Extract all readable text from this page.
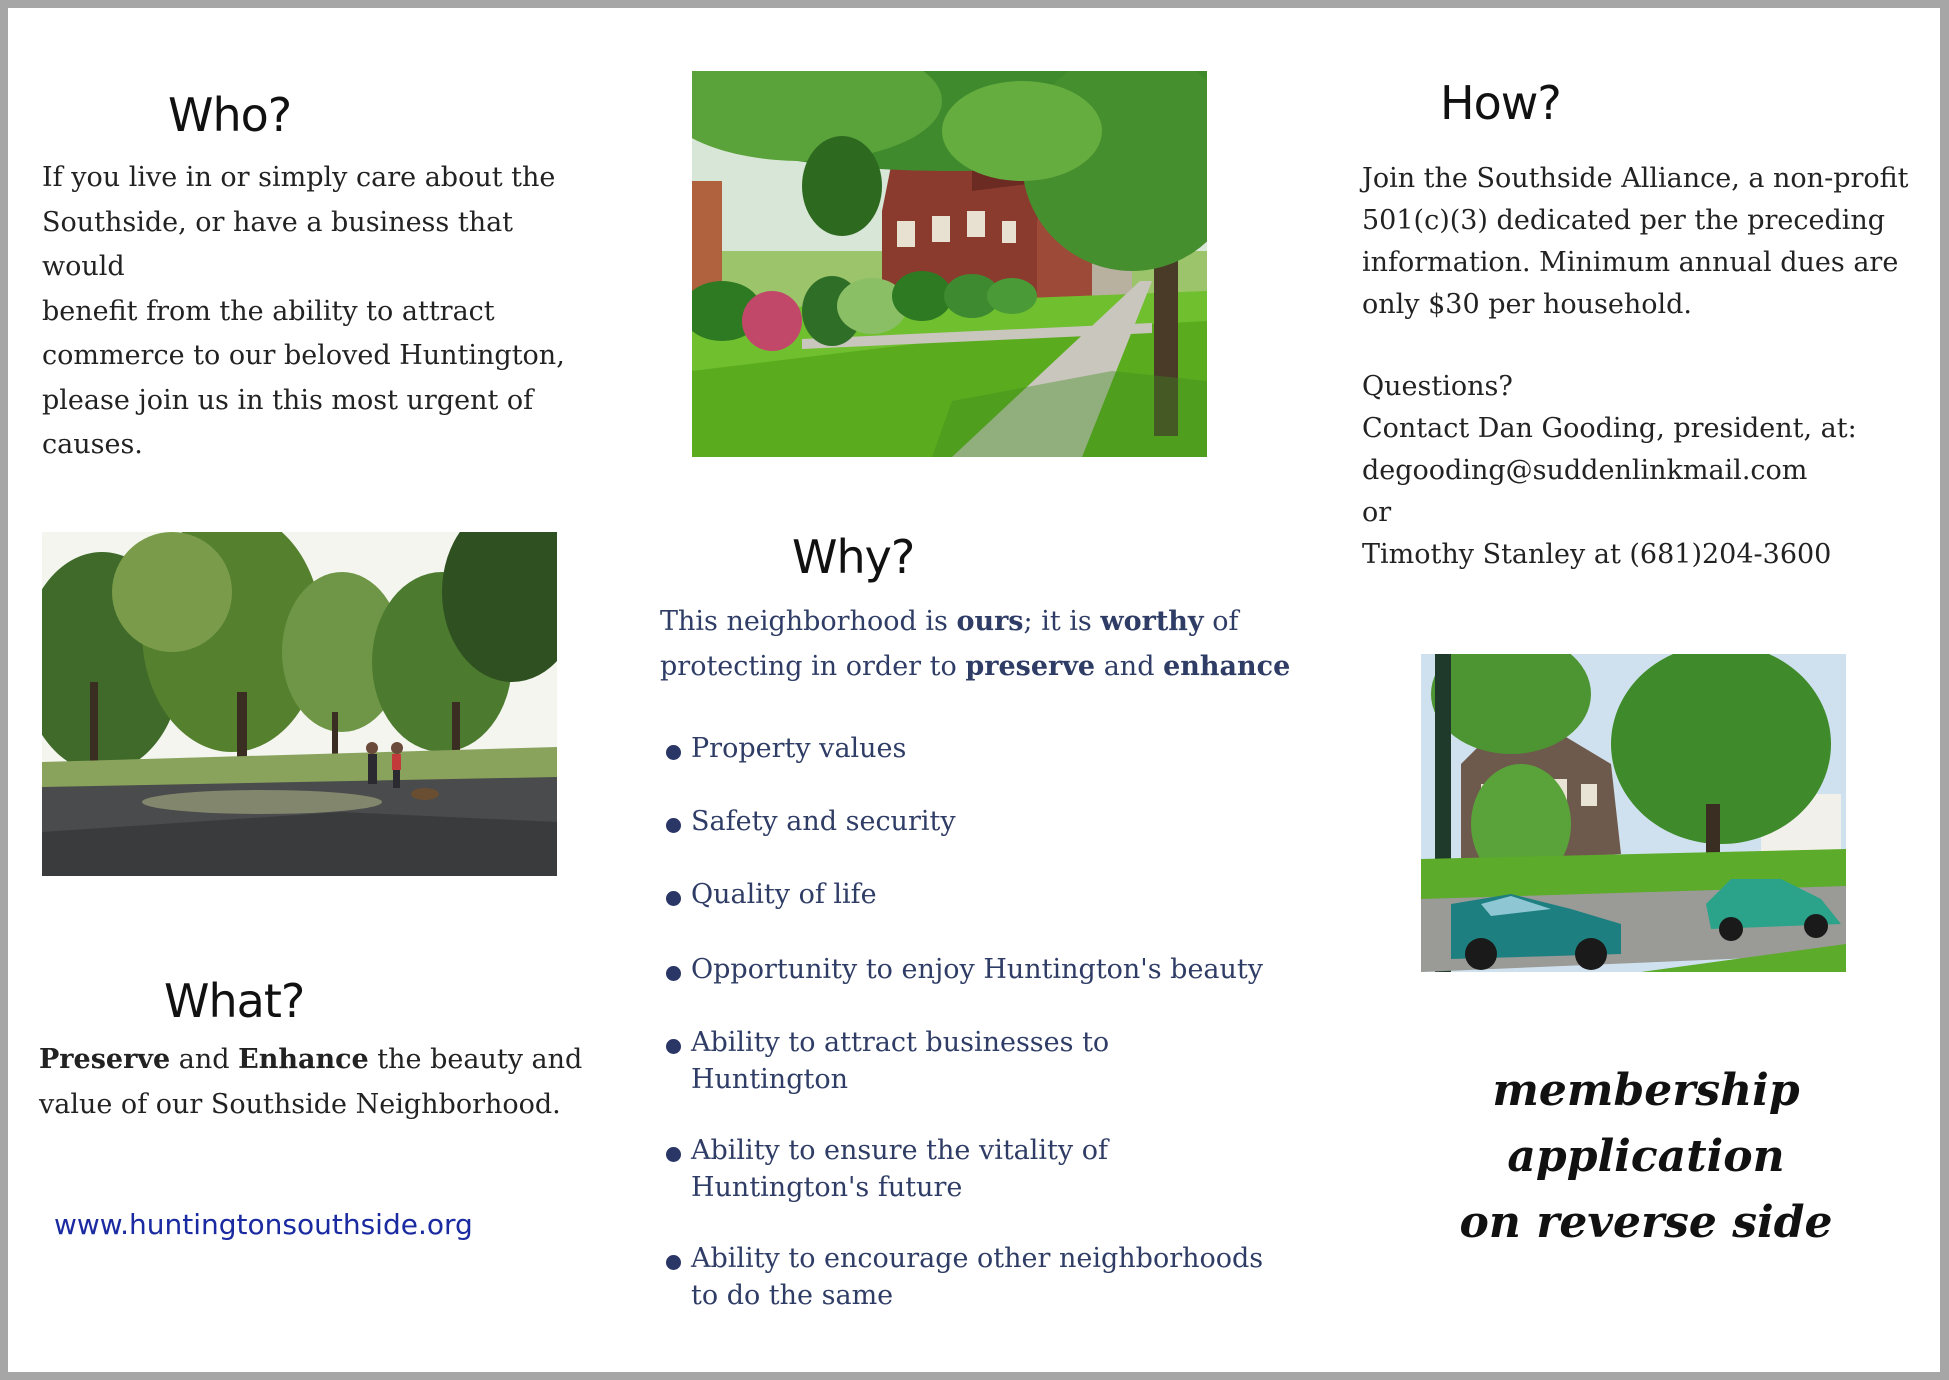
Who?
If you live in or simply care about the
Southside, or have a business that would
benefit from the ability to attract
commerce to our beloved Huntington,
please join us in this most urgent of
causes.
How?
Join the Southside Alliance, a non-profit
501(c)(3) dedicated per the preceding
information. Minimum annual dues are
only $30 per household.
Questions?
Contact Dan Gooding, president, at:
degooding@suddenlinkmail.com
or
Timothy Stanley at (681)204-3600
Why?
This neighborhood is ours; it is worthy of
protecting in order to preserve and enhance
Property values
Safety and security
Quality of life
Opportunity to enjoy Huntington's beauty
Ability to attract businesses to Huntington
Ability to ensure the vitality of
Huntington's future
Ability to encourage other neighborhoods
to do the same
What?
Preserve and Enhance the beauty and
value of our Southside Neighborhood.
www.huntingtonsouthside.org
membership application
on reverse side
